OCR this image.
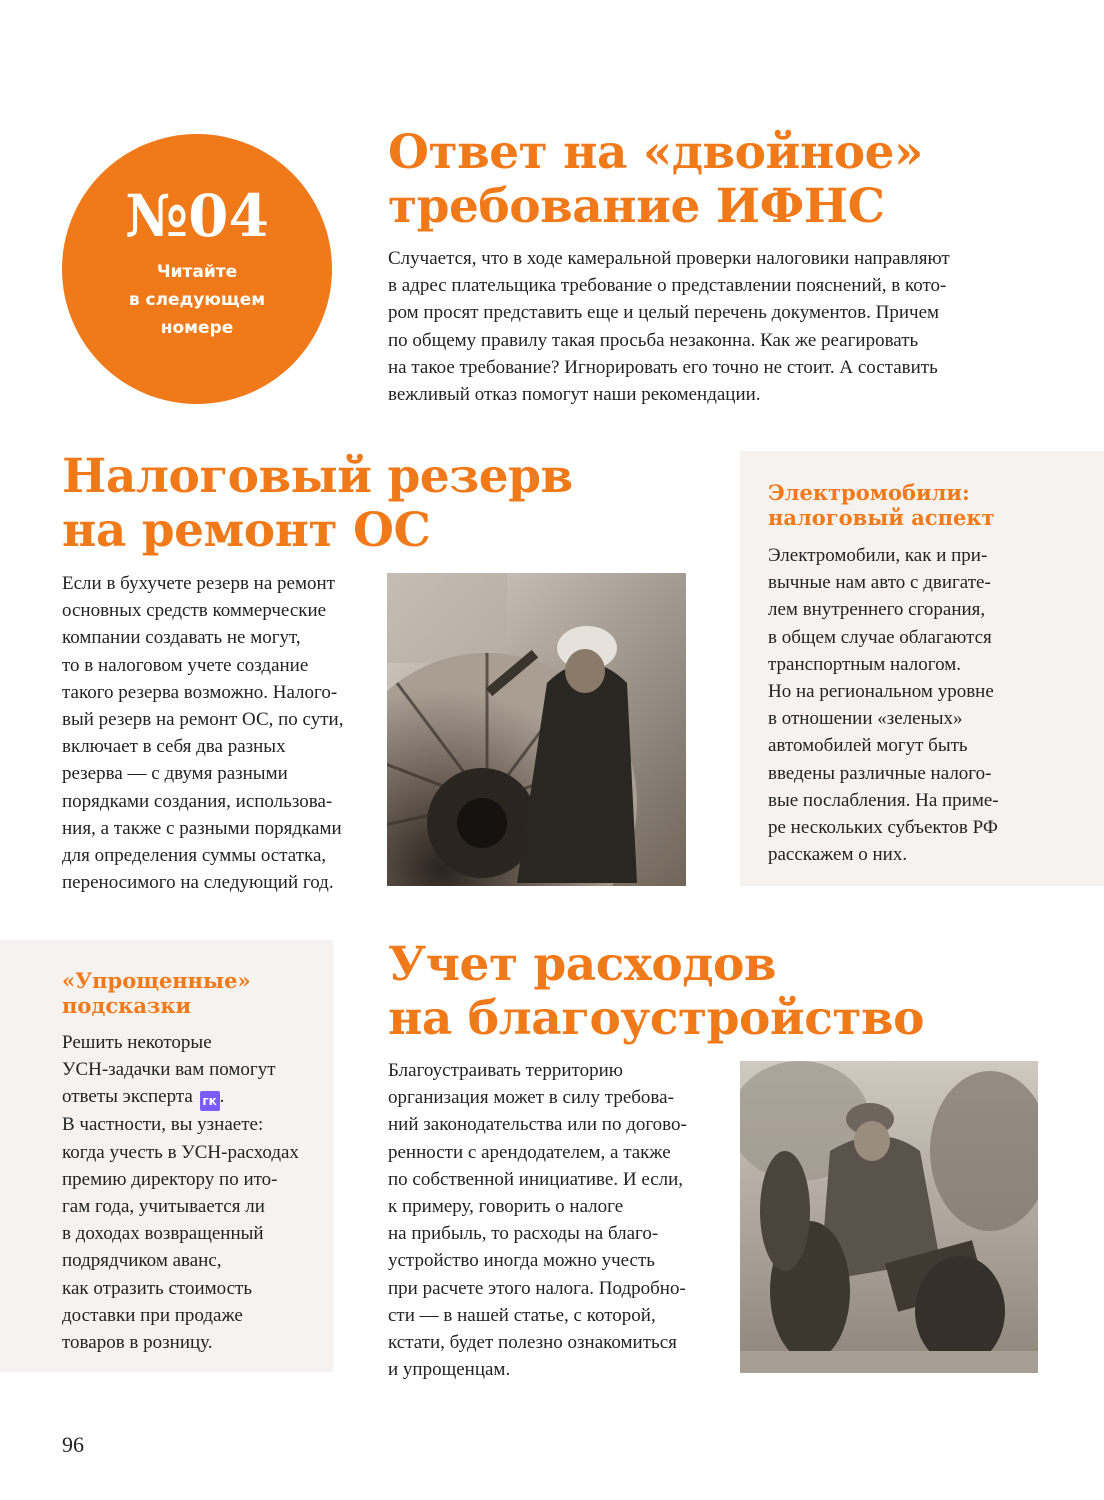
№04
Читайте
в следующем
номере
Ответ на «двойное»
требование ИФНС

Случается, что в ходе камеральной проверки налоговики направляют
в адрес плательщика требование о представлении пояснений, в кото-
ром просят представить еще и целый перечень документов. Причем
по общему правилу такая просьба незаконна. Как же реагировать
на такое требование? Игнорировать его точно не стоит. А составить
вежливый отказ помогут наши рекомендации.

Налоговый резерв
на ремонт ОС

Если в бухучете резерв на ремонт
основных средств коммерческие
компании создавать не могут,
то в налоговом учете создание
такого резерва возможно. Налого-
вый резерв на ремонт ОС, по сути,
включает в себя два разных
резерва — с двумя разными
порядками создания, использова-
ния, а также с разными порядками
для определения суммы остатка,
переносимого на следующий год.

Электромобили:
налоговый аспект

Электромобили, как и при-
вычные нам авто с двигате-
лем внутреннего сгорания,
в общем случае облагаются
транспортным налогом.
Но на региональном уровне
в отношении «зеленых»
автомобилей могут быть
введены различные налого-
вые послабления. На приме-
ре нескольких субъектов РФ
расскажем о них.

«Упрощенные»
подсказки

Решить некоторые
УСН-задачки вам помогут
ответы эксперта гк .
В частности, вы узнаете:
когда учесть в УСН-расходах
премию директору по ито-
гам года, учитывается ли
в доходах возвращенный
подрядчиком аванс,
как отразить стоимость
доставки при продаже
товаров в розницу.

Учет расходов
на благоустройство

Благоустраивать территорию
организация может в силу требова-
ний законодательства или по догово-
ренности с арендодателем, а также
по собственной инициативе. И если,
к примеру, говорить о налоге
на прибыль, то расходы на благо-
устройство иногда можно учесть
при расчете этого налога. Подробно-
сти — в нашей статье, с которой,
кстати, будет полезно ознакомиться
и упрощенцам.

96
